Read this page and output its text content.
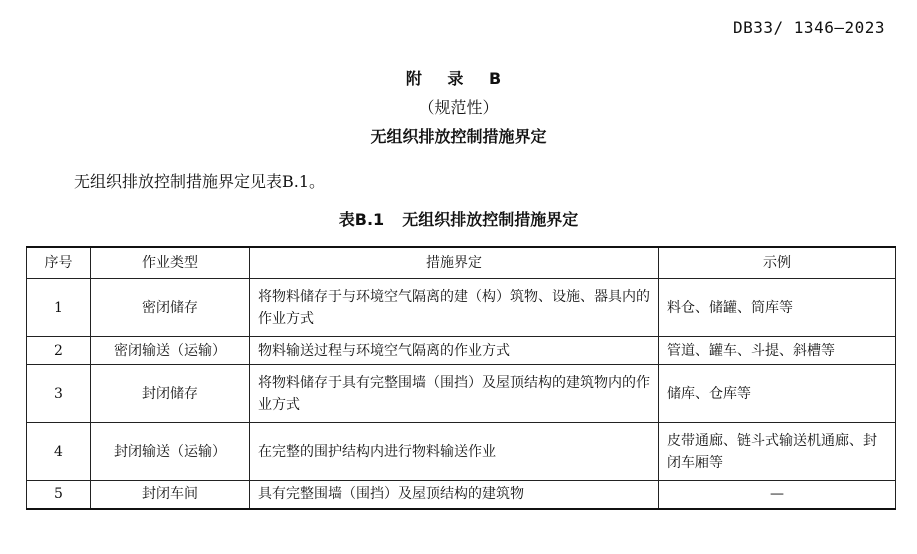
DB33/ 1346—2023
附 录 B
（规范性）
无组织排放控制措施界定
无组织排放控制措施界定见表B.1。
表B.1 无组织排放控制措施界定
序号	作业类型	措施界定	示例
1	密闭储存	将物料储存于与环境空气隔离的建（构）筑物、设施、器具内的作业方式	料仓、储罐、筒库等
2	密闭输送（运输）	物料输送过程与环境空气隔离的作业方式	管道、罐车、斗提、斜槽等
3	封闭储存	将物料储存于具有完整围墙（围挡）及屋顶结构的建筑物内的作业方式	储库、仓库等
4	封闭输送（运输）	在完整的围护结构内进行物料输送作业	皮带通廊、链斗式输送机通廊、封闭车厢等
5	封闭车间	具有完整围墙（围挡）及屋顶结构的建筑物	—
